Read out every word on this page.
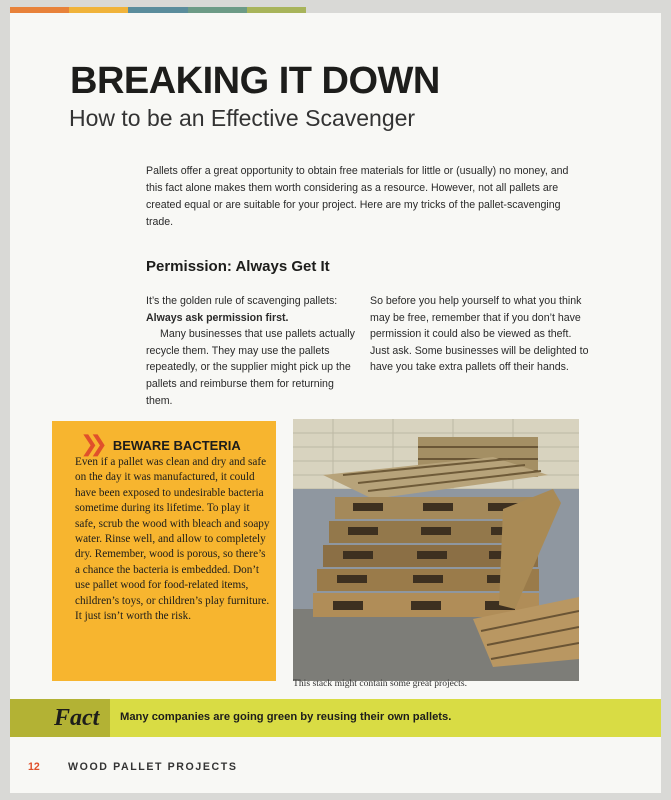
BREAKING IT DOWN
How to be an Effective Scavenger

Pallets offer a great opportunity to obtain free materials for little or (usually) no money, and this fact alone makes them worth considering as a resource. However, not all pallets are created equal or are suitable for your project. Here are my tricks of the pallet-scavenging trade.

Permission: Always Get It

It’s the golden rule of scavenging pallets: Always ask permission first.

Many businesses that use pallets actually recycle them. They may use the pallets repeatedly, or the supplier might pick up the pallets and reimburse them for returning them.

So before you help yourself to what you think may be free, remember that if you don’t have permission it could also be viewed as theft. Just ask. Some businesses will be delighted to have you take extra pallets off their hands.

❯❯ BEWARE BACTERIA
Even if a pallet was clean and dry and safe on the day it was manufactured, it could have been exposed to undesirable bacteria sometime during its lifetime. To play it safe, scrub the wood with bleach and soapy water. Rinse well, and allow to completely dry. Remember, wood is porous, so there’s a chance the bacteria is embedded. Don’t use pallet wood for food-related items, children’s toys, or children’s play furniture. It just isn’t worth the risk.
This stack might contain some great projects.
Fact Many companies are going green by reusing their own pallets.
12	WOOD PALLET PROJECTS
